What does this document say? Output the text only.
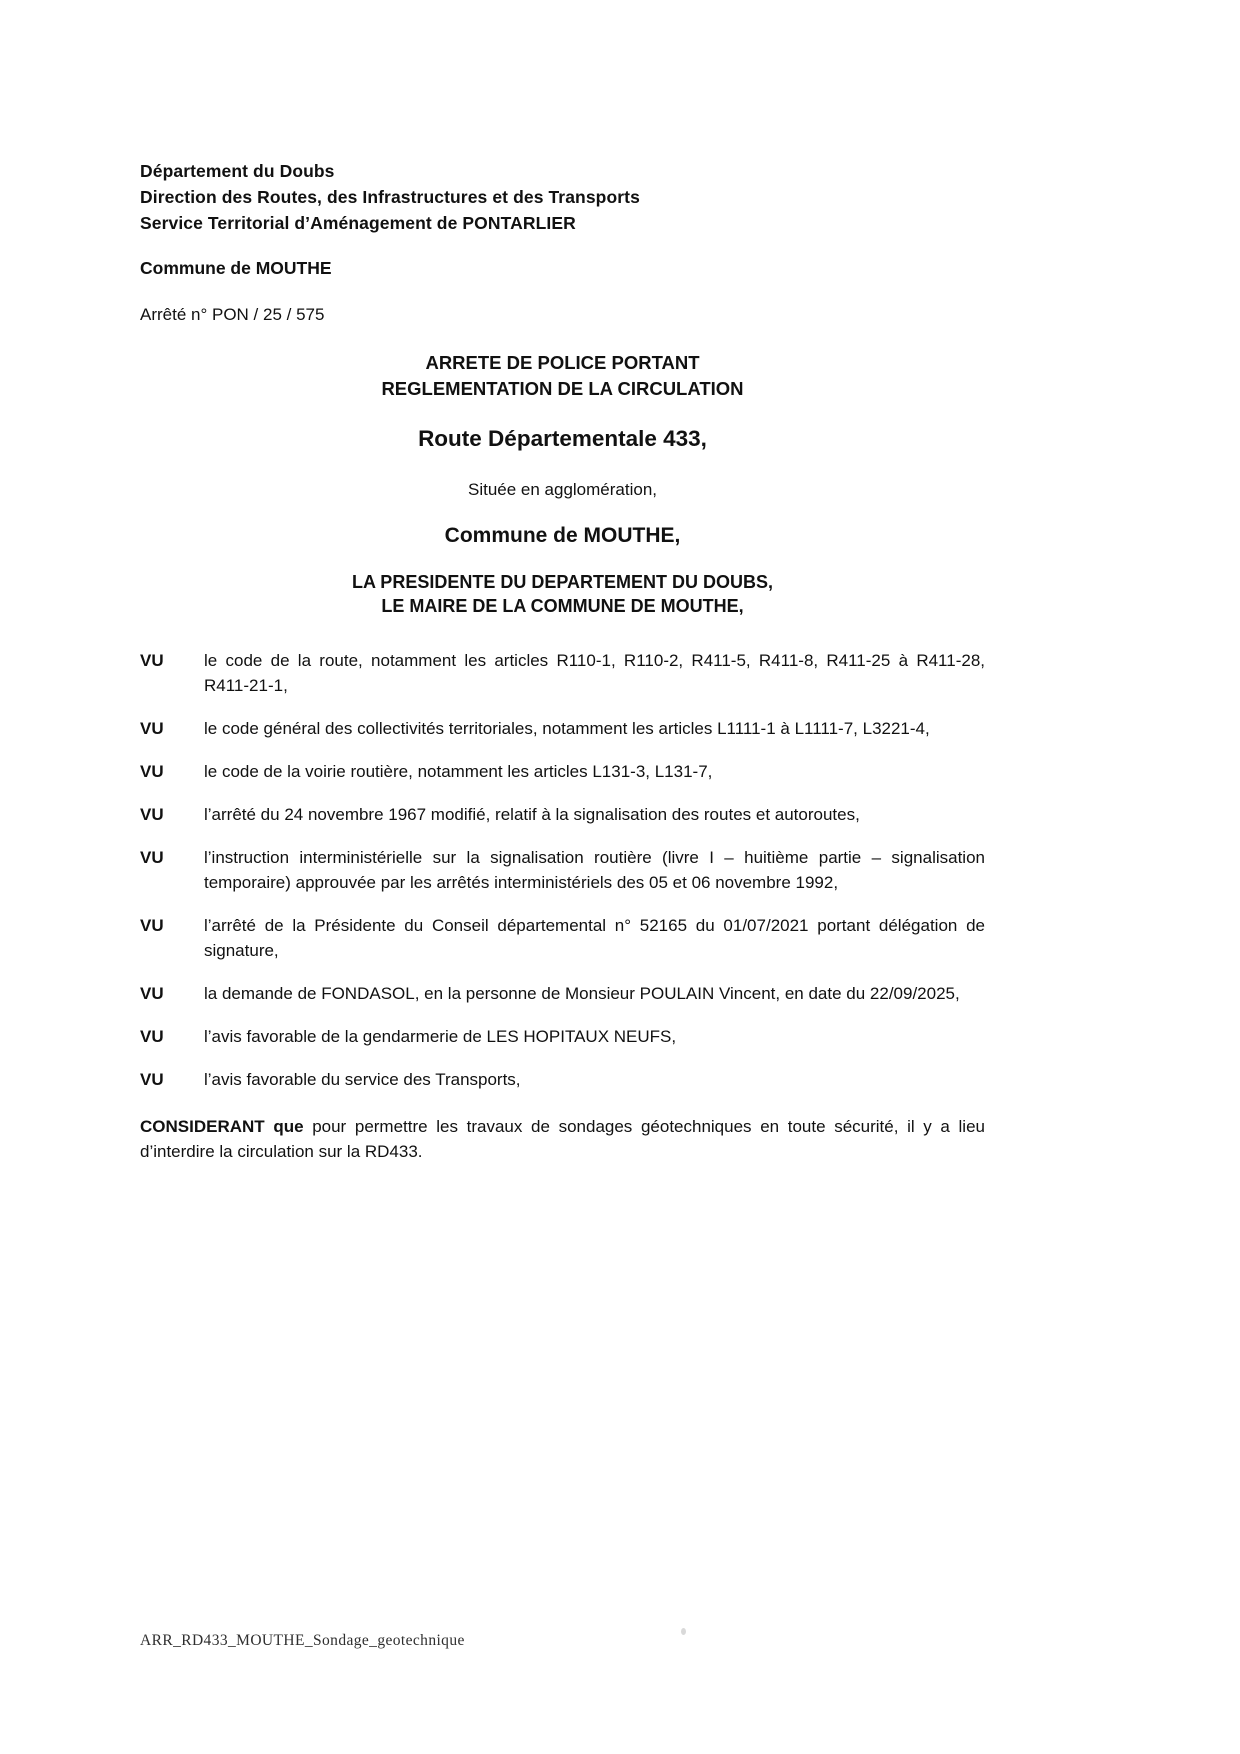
Département du Doubs
Direction des Routes, des Infrastructures et des Transports
Service Territorial d’Aménagement de PONTARLIER
Commune de MOUTHE
Arrêté n° PON / 25 / 575
ARRETE DE POLICE PORTANT
REGLEMENTATION DE LA CIRCULATION
Route Départementale 433,
Située en agglomération,
Commune de MOUTHE,
LA PRESIDENTE DU DEPARTEMENT DU DOUBS,
LE MAIRE DE LA COMMUNE DE MOUTHE,
VU	le code de la route, notamment les articles R110-1, R110-2, R411-5, R411-8, R411-25 à R411-28, R411-21-1,
VU	le code général des collectivités territoriales, notamment les articles L1111-1 à L1111-7, L3221-4,
VU	le code de la voirie routière, notamment les articles L131-3, L131-7,
VU	l’arrêté du 24 novembre 1967 modifié, relatif à la signalisation des routes et autoroutes,
VU	l’instruction interministérielle sur la signalisation routière (livre I – huitième partie – signalisation temporaire) approuvée par les arrêtés interministériels des 05 et 06 novembre 1992,
VU	l’arrêté de la Présidente du Conseil départemental n° 52165 du 01/07/2021 portant délégation de signature,
VU	la demande de FONDASOL, en la personne de Monsieur POULAIN Vincent, en date du 22/09/2025,
VU	l’avis favorable de la gendarmerie de LES HOPITAUX NEUFS,
VU	l’avis favorable du service des Transports,

CONSIDERANT que pour permettre les travaux de sondages géotechniques en toute sécurité, il y a lieu d’interdire la circulation sur la RD433.

ARR_RD433_MOUTHE_Sondage_geotechnique
